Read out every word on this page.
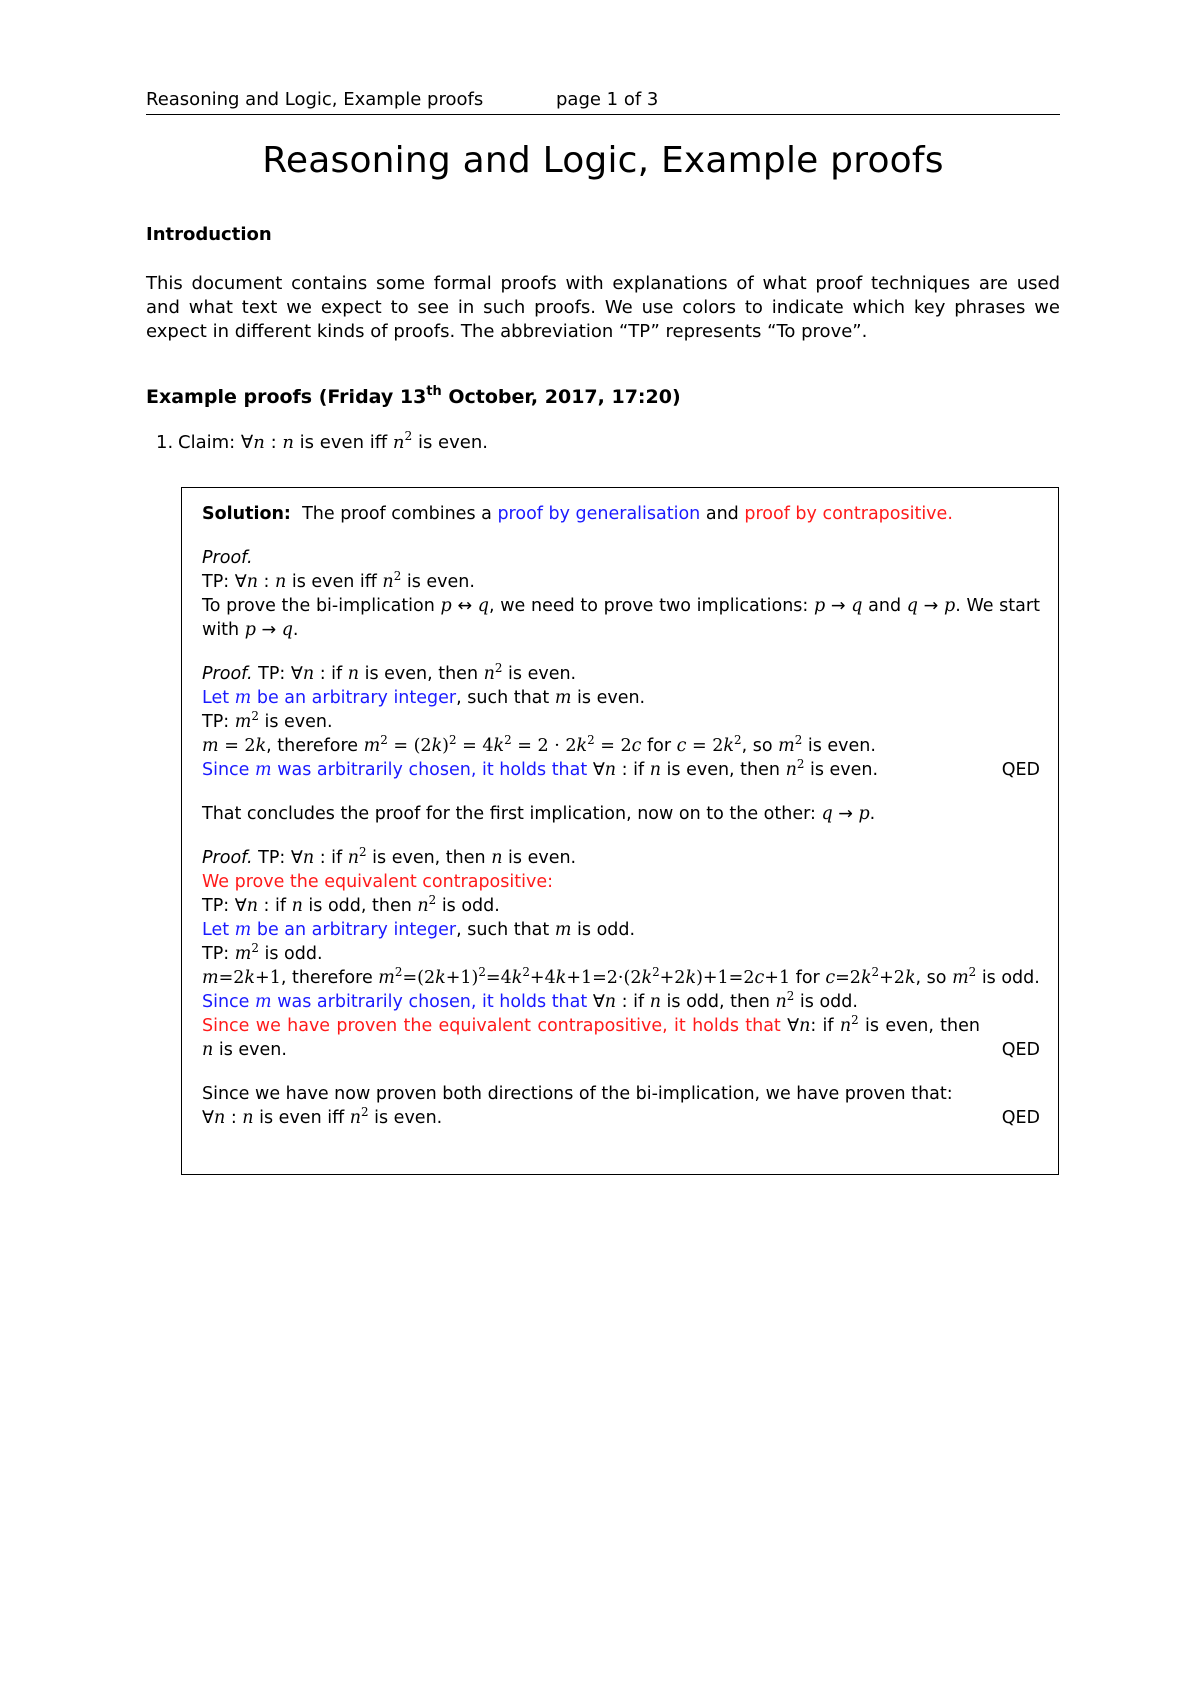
Reasoning and Logic, Example proofs	page 1 of 3
Reasoning and Logic, Example proofs
Introduction
This document contains some formal proofs with explanations of what proof techniques are used and what text we expect to see in such proofs. We use colors to indicate which key phrases we expect in different kinds of proofs. The abbreviation “TP” represents “To prove”.
Example proofs (Friday 13th October, 2017, 17:20)
1. Claim: ∀n : n is even iff $n^2$ is even.
Solution: The proof combines a proof by generalisation and proof by contrapositive.
Proof.
TP: ∀n : n is even iff $n^2$ is even.
To prove the bi-implication p ↔ q, we need to prove two implications: p → q and q → p. We start with p → q.
Proof. TP: ∀n : if n is even, then $n^2$ is even.
Let m be an arbitrary integer, such that m is even.
TP: $m^2$ is even.
m = 2k, therefore $m^2 = (2k)^2 = 4k^2 = 2 \cdot 2k^2 = 2c$ for $c = 2k^2$, so $m^2$ is even.
Since m was arbitrarily chosen, it holds that ∀n : if n is even, then $n^2$ is even.	QED
That concludes the proof for the first implication, now on to the other: q → p.
Proof. TP: ∀n : if $n^2$ is even, then n is even.
We prove the equivalent contrapositive:
TP: ∀n : if n is odd, then $n^2$ is odd.
Let m be an arbitrary integer, such that m is odd.
TP: $m^2$ is odd.
m=2k+1, therefore $m^2=(2k+1)^2=4k^2+4k+1=2\cdot(2k^2+2k)+1=2c+1$ for $c=2k^2+2k$, so $m^2$ is odd.
Since m was arbitrarily chosen, it holds that ∀n : if n is odd, then $n^2$ is odd.
Since we have proven the equivalent contrapositive, it holds that ∀n: if $n^2$ is even, then n is even.	QED
Since we have now proven both directions of the bi-implication, we have proven that:
∀n : n is even iff $n^2$ is even.	QED
